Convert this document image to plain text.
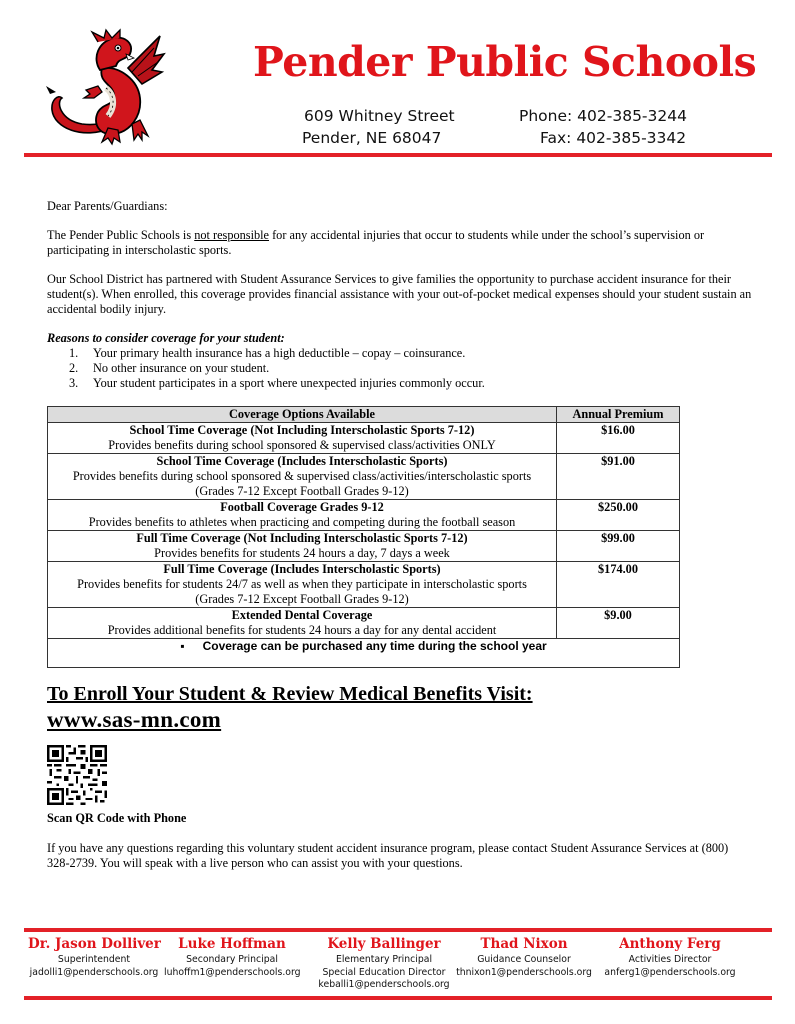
Pender Public Schools
609 Whitney Street
Pender, NE 68047
Phone: 402-385-3244
Fax: 402-385-3342

Dear Parents/Guardians:

The Pender Public Schools is not responsible for any accidental injuries that occur to students while under the school’s supervision or participating in interscholastic sports.

Our School District has partnered with Student Assurance Services to give families the opportunity to purchase accident insurance for their student(s). When enrolled, this coverage provides financial assistance with your out-of-pocket medical expenses should your student sustain an accidental bodily injury.

Reasons to consider coverage for your student:

1. Your primary health insurance has a high deductible – copay – coinsurance.
2. No other insurance on your student.
3. Your student participates in a sport where unexpected injuries commonly occur.
Coverage Options Available	Annual Premium

School Time Coverage (Not Including Interscholastic Sports 7-12)
Provides benefits during school sponsored & supervised class/activities ONLY	$16.00

School Time Coverage (Includes Interscholastic Sports)
Provides benefits during school sponsored & supervised class/activities/interscholastic sports
(Grades 7-12 Except Football Grades 9-12)	$91.00

Football Coverage Grades 9-12
Provides benefits to athletes when practicing and competing during the football season	$250.00

Full Time Coverage (Not Including Interscholastic Sports 7-12)
Provides benefits for students 24 hours a day, 7 days a week	$99.00

Full Time Coverage (Includes Interscholastic Sports)
Provides benefits for students 24/7 as well as when they participate in interscholastic sports
(Grades 7-12 Except Football Grades 9-12)	$174.00

Extended Dental Coverage
Provides additional benefits for students 24 hours a day for any dental accident	$9.00
▪ Coverage can be purchased any time during the school year	
To Enroll Your Student & Review Medical Benefits Visit:
www.sas-mn.com
Scan QR Code with Phone
If you have any questions regarding this voluntary student accident insurance program, please contact Student Assurance Services at (800) 328-2739. You will speak with a live person who can assist you with your questions.
Dr. Jason Dolliver
Superintendent
jadolli1@penderschools.org
Luke Hoffman
Secondary Principal
luhoffm1@penderschools.org
Kelly Ballinger
Elementary Principal
Special Education Director
keballi1@penderschools.org
Thad Nixon
Guidance Counselor
thnixon1@penderschools.org
Anthony Ferg
Activities Director
anferg1@penderschools.org
